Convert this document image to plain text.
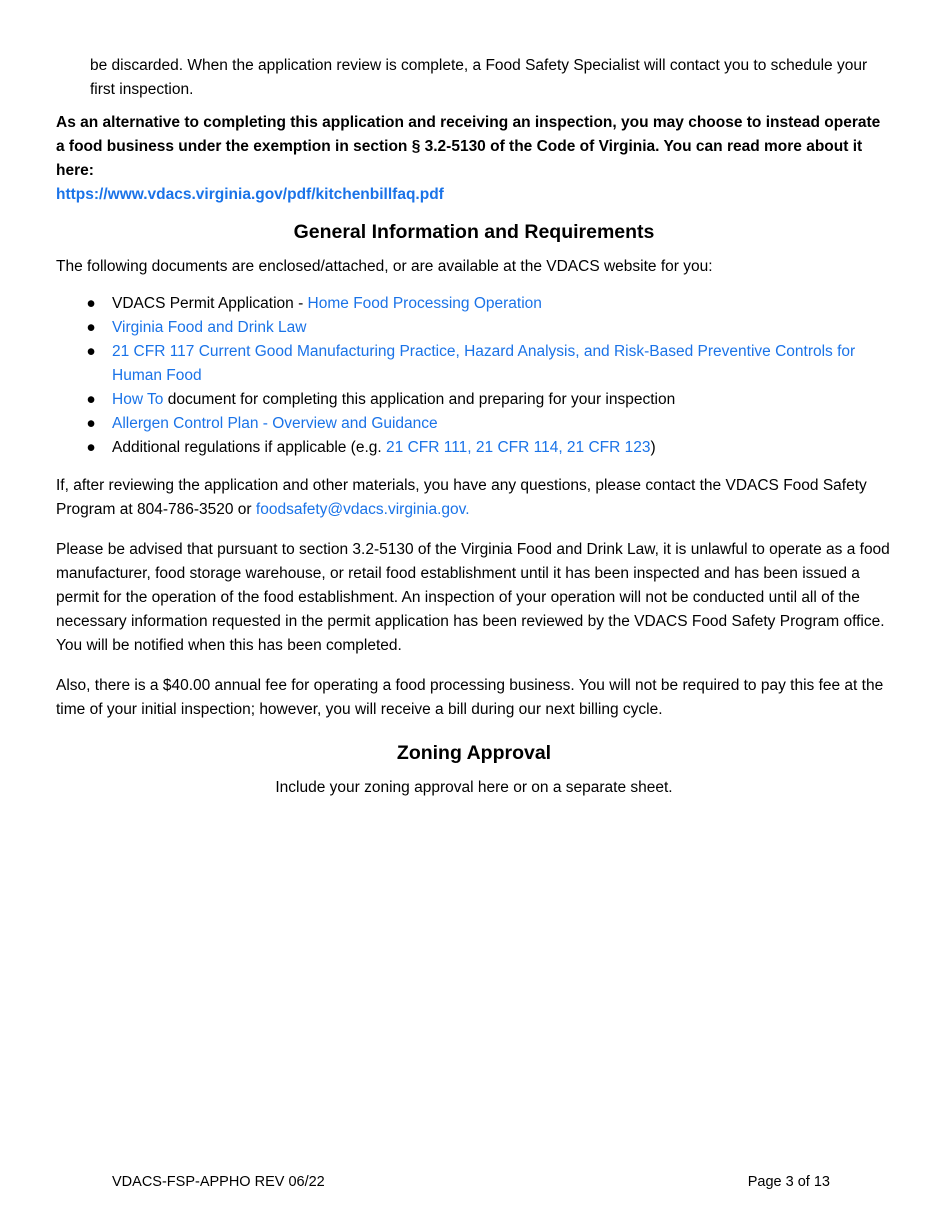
be discarded. When the application review is complete, a Food Safety Specialist will contact you to schedule your first inspection.

As an alternative to completing this application and receiving an inspection, you may choose to instead operate a food business under the exemption in section § 3.2-5130 of the Code of Virginia. You can read more about it here:
https://www.vdacs.virginia.gov/pdf/kitchenbillfaq.pdf

General Information and Requirements

The following documents are enclosed/attached, or are available at the VDACS website for you:

● VDACS Permit Application - Home Food Processing Operation
● Virginia Food and Drink Law
● 21 CFR 117 Current Good Manufacturing Practice, Hazard Analysis, and Risk-Based Preventive Controls for Human Food
● How To document for completing this application and preparing for your inspection
● Allergen Control Plan - Overview and Guidance
● Additional regulations if applicable (e.g. 21 CFR 111, 21 CFR 114, 21 CFR 123)

If, after reviewing the application and other materials, you have any questions, please contact the VDACS Food Safety Program at 804-786-3520 or foodsafety@vdacs.virginia.gov.

Please be advised that pursuant to section 3.2-5130 of the Virginia Food and Drink Law, it is unlawful to operate as a food manufacturer, food storage warehouse, or retail food establishment until it has been inspected and has been issued a permit for the operation of the food establishment. An inspection of your operation will not be conducted until all of the necessary information requested in the permit application has been reviewed by the VDACS Food Safety Program office. You will be notified when this has been completed.

Also, there is a $40.00 annual fee for operating a food processing business. You will not be required to pay this fee at the time of your initial inspection; however, you will receive a bill during our next billing cycle.

Zoning Approval

Include your zoning approval here or on a separate sheet.

VDACS-FSP-APPHO REV 06/22	Page 3 of 13
